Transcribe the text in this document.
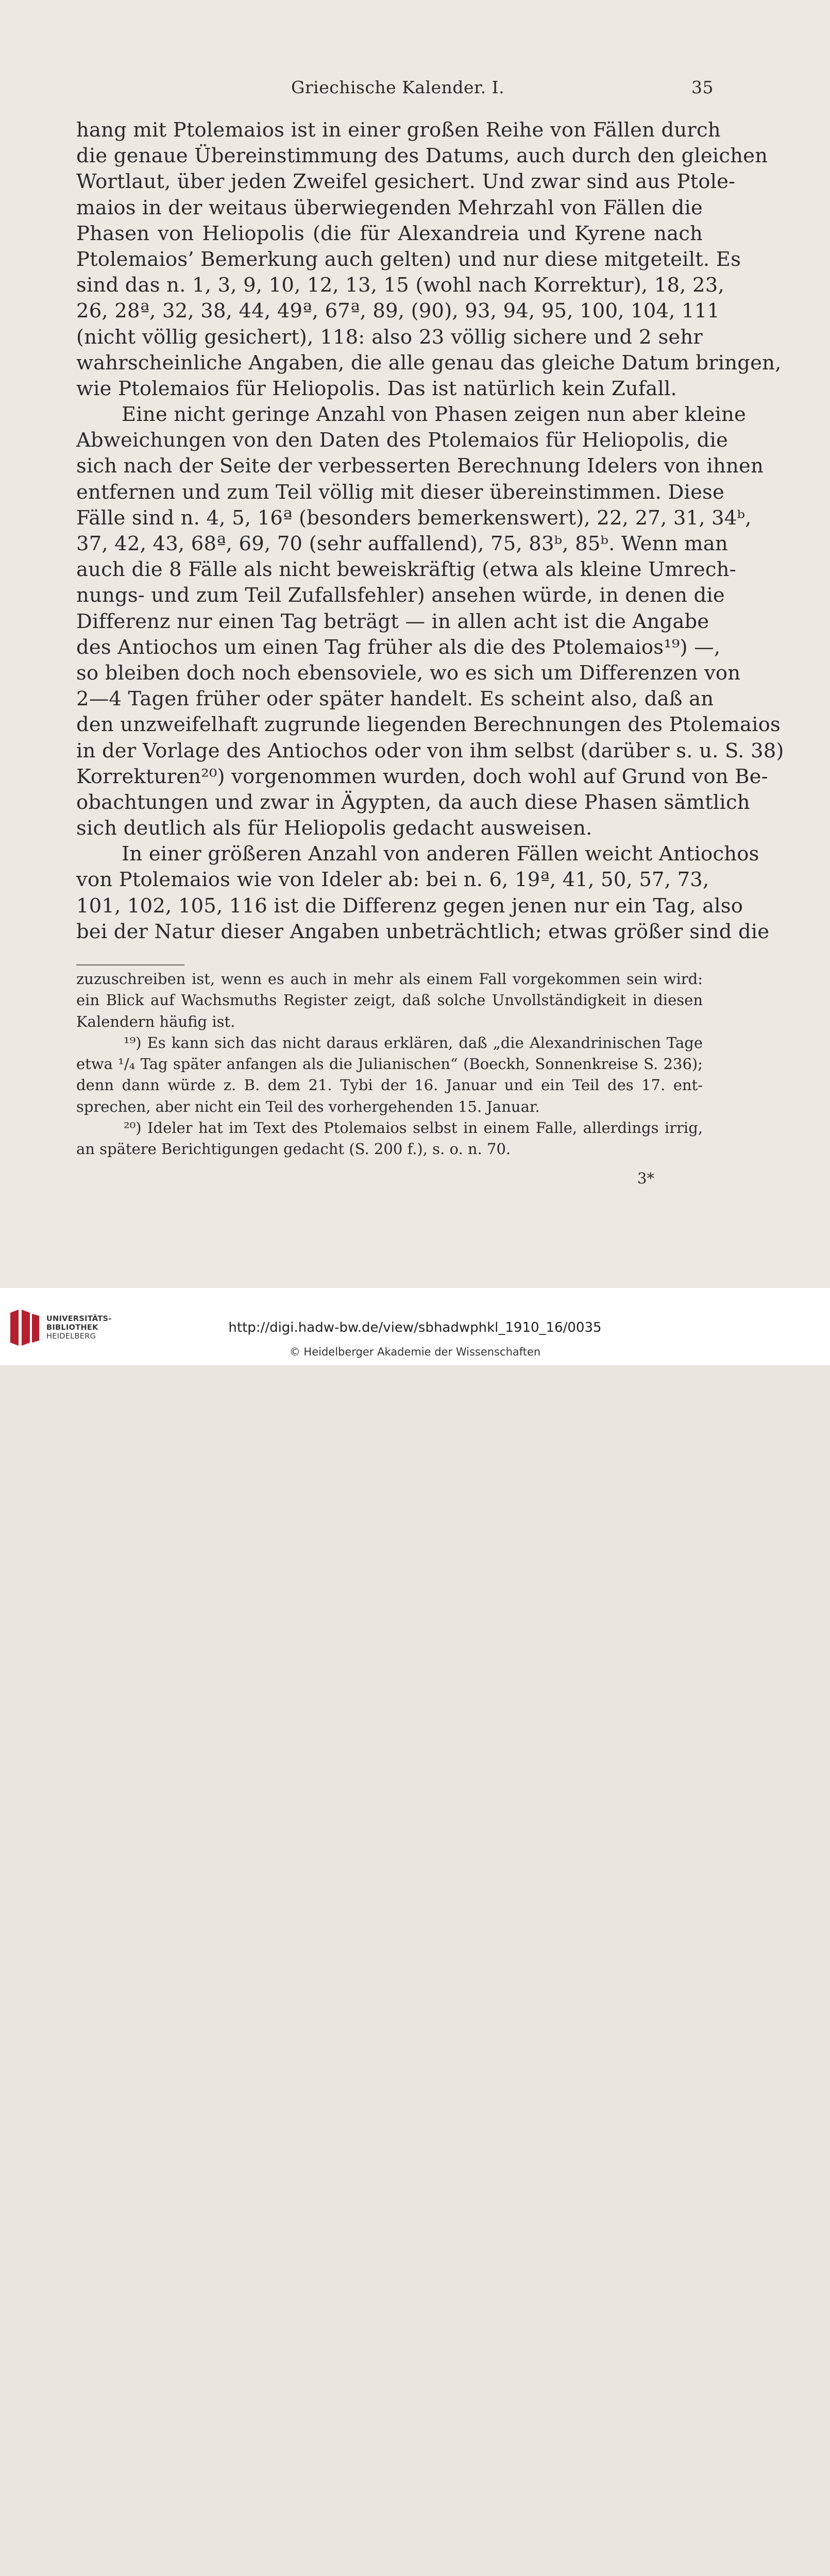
Griechische Kalender. I.	35
hang mit Ptolemaios ist in einer großen Reihe von Fällen durch
die genaue Übereinstimmung des Datums, auch durch den gleichen
Wortlaut, über jeden Zweifel gesichert. Und zwar sind aus Ptole-
maios in der weitaus überwiegenden Mehrzahl von Fällen die
Phasen von Heliopolis (die für Alexandreia und Kyrene nach
Ptolemaios’ Bemerkung auch gelten) und nur diese mitgeteilt. Es
sind das n. 1, 3, 9, 10, 12, 13, 15 (wohl nach Korrektur), 18, 23,
26, 28ª, 32, 38, 44, 49ª, 67ª, 89, (90), 93, 94, 95, 100, 104, 111
(nicht völlig gesichert), 118: also 23 völlig sichere und 2 sehr
wahrscheinliche Angaben, die alle genau das gleiche Datum bringen,
wie Ptolemaios für Heliopolis. Das ist natürlich kein Zufall.
Eine nicht geringe Anzahl von Phasen zeigen nun aber kleine
Abweichungen von den Daten des Ptolemaios für Heliopolis, die
sich nach der Seite der verbesserten Berechnung Idelers von ihnen
entfernen und zum Teil völlig mit dieser übereinstimmen. Diese
Fälle sind n. 4, 5, 16ª (besonders bemerkenswert), 22, 27, 31, 34ᵇ,
37, 42, 43, 68ª, 69, 70 (sehr auffallend), 75, 83ᵇ, 85ᵇ. Wenn man
auch die 8 Fälle als nicht beweiskräftig (etwa als kleine Umrech-
nungs- und zum Teil Zufallsfehler) ansehen würde, in denen die
Differenz nur einen Tag beträgt — in allen acht ist die Angabe
des Antiochos um einen Tag früher als die des Ptolemaios¹⁹) —,
so bleiben doch noch ebensoviele, wo es sich um Differenzen von
2—4 Tagen früher oder später handelt. Es scheint also, daß an
den unzweifelhaft zugrunde liegenden Berechnungen des Ptolemaios
in der Vorlage des Antiochos oder von ihm selbst (darüber s. u. S. 38)
Korrekturen²⁰) vorgenommen wurden, doch wohl auf Grund von Be-
obachtungen und zwar in Ägypten, da auch diese Phasen sämtlich
sich deutlich als für Heliopolis gedacht ausweisen.
In einer größeren Anzahl von anderen Fällen weicht Antiochos
von Ptolemaios wie von Ideler ab: bei n. 6, 19ª, 41, 50, 57, 73,
101, 102, 105, 116 ist die Differenz gegen jenen nur ein Tag, also
bei der Natur dieser Angaben unbeträchtlich; etwas größer sind die
zuzuschreiben ist, wenn es auch in mehr als einem Fall vorgekommen sein wird:
ein Blick auf Wachsmuths Register zeigt, daß solche Unvollständigkeit in diesen
Kalendern häufig ist.
¹⁹) Es kann sich das nicht daraus erklären, daß „die Alexandrinischen Tage
etwa ¹/₄ Tag später anfangen als die Julianischen“ (Boeckh, Sonnenkreise S. 236);
denn dann würde z. B. dem 21. Tybi der 16. Januar und ein Teil des 17. ent-
sprechen, aber nicht ein Teil des vorhergehenden 15. Januar.
²⁰) Ideler hat im Text des Ptolemaios selbst in einem Falle, allerdings irrig,
an spätere Berichtigungen gedacht (S. 200 f.), s. o. n. 70.
3*
UNIVERSITÄTS-
BIBLIOTHEK
HEIDELBERG
http://digi.hadw-bw.de/view/sbhadwphkl_1910_16/0035
© Heidelberger Akademie der Wissenschaften
